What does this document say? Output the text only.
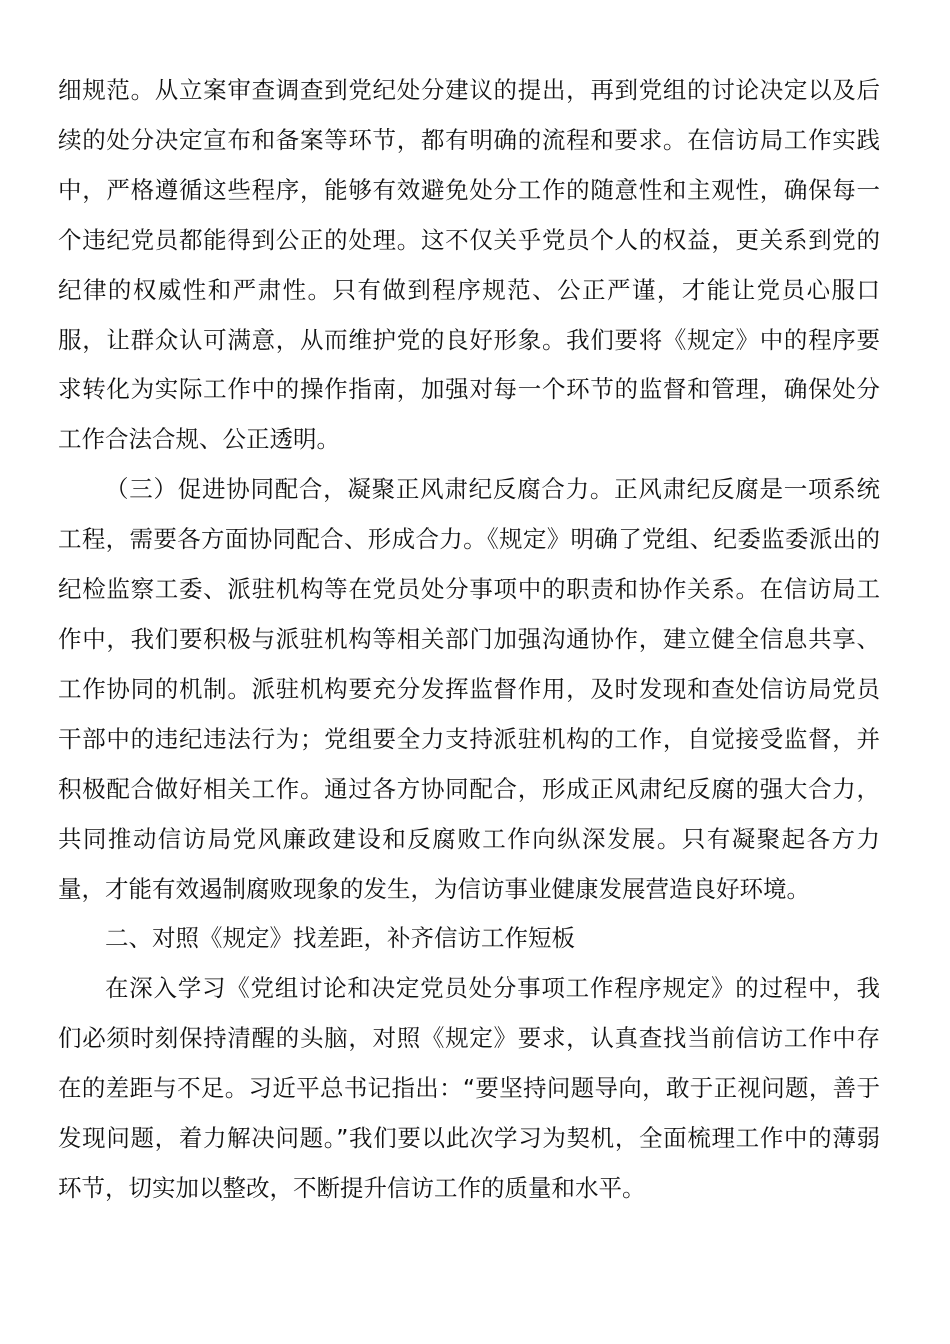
细规范。从立案审查调查到党纪处分建议的提出，再到党组的讨论决定以及后续的处分决定宣布和备案等环节，都有明确的流程和要求。在信访局工作实践中，严格遵循这些程序，能够有效避免处分工作的随意性和主观性，确保每一个违纪党员都能得到公正的处理。这不仅关乎党员个人的权益，更关系到党的纪律的权威性和严肃性。只有做到程序规范、公正严谨，才能让党员心服口服，让群众认可满意，从而维护党的良好形象。我们要将《规定》中的程序要求转化为实际工作中的操作指南，加强对每一个环节的监督和管理，确保处分工作合法合规、公正透明。

（三）促进协同配合，凝聚正风肃纪反腐合力。正风肃纪反腐是一项系统工程，需要各方面协同配合、形成合力。《规定》明确了党组、纪委监委派出的纪检监察工委、派驻机构等在党员处分事项中的职责和协作关系。在信访局工作中，我们要积极与派驻机构等相关部门加强沟通协作，建立健全信息共享、工作协同的机制。派驻机构要充分发挥监督作用，及时发现和查处信访局党员干部中的违纪违法行为；党组要全力支持派驻机构的工作，自觉接受监督，并积极配合做好相关工作。通过各方协同配合，形成正风肃纪反腐的强大合力，共同推动信访局党风廉政建设和反腐败工作向纵深发展。只有凝聚起各方力量，才能有效遏制腐败现象的发生，为信访事业健康发展营造良好环境。

二、对照《规定》找差距，补齐信访工作短板

在深入学习《党组讨论和决定党员处分事项工作程序规定》的过程中，我们必须时刻保持清醒的头脑，对照《规定》要求，认真查找当前信访工作中存在的差距与不足。习近平总书记指出：“要坚持问题导向，敢于正视问题，善于发现问题，着力解决问题。”我们要以此次学习为契机，全面梳理工作中的薄弱环节，切实加以整改，不断提升信访工作的质量和水平。
